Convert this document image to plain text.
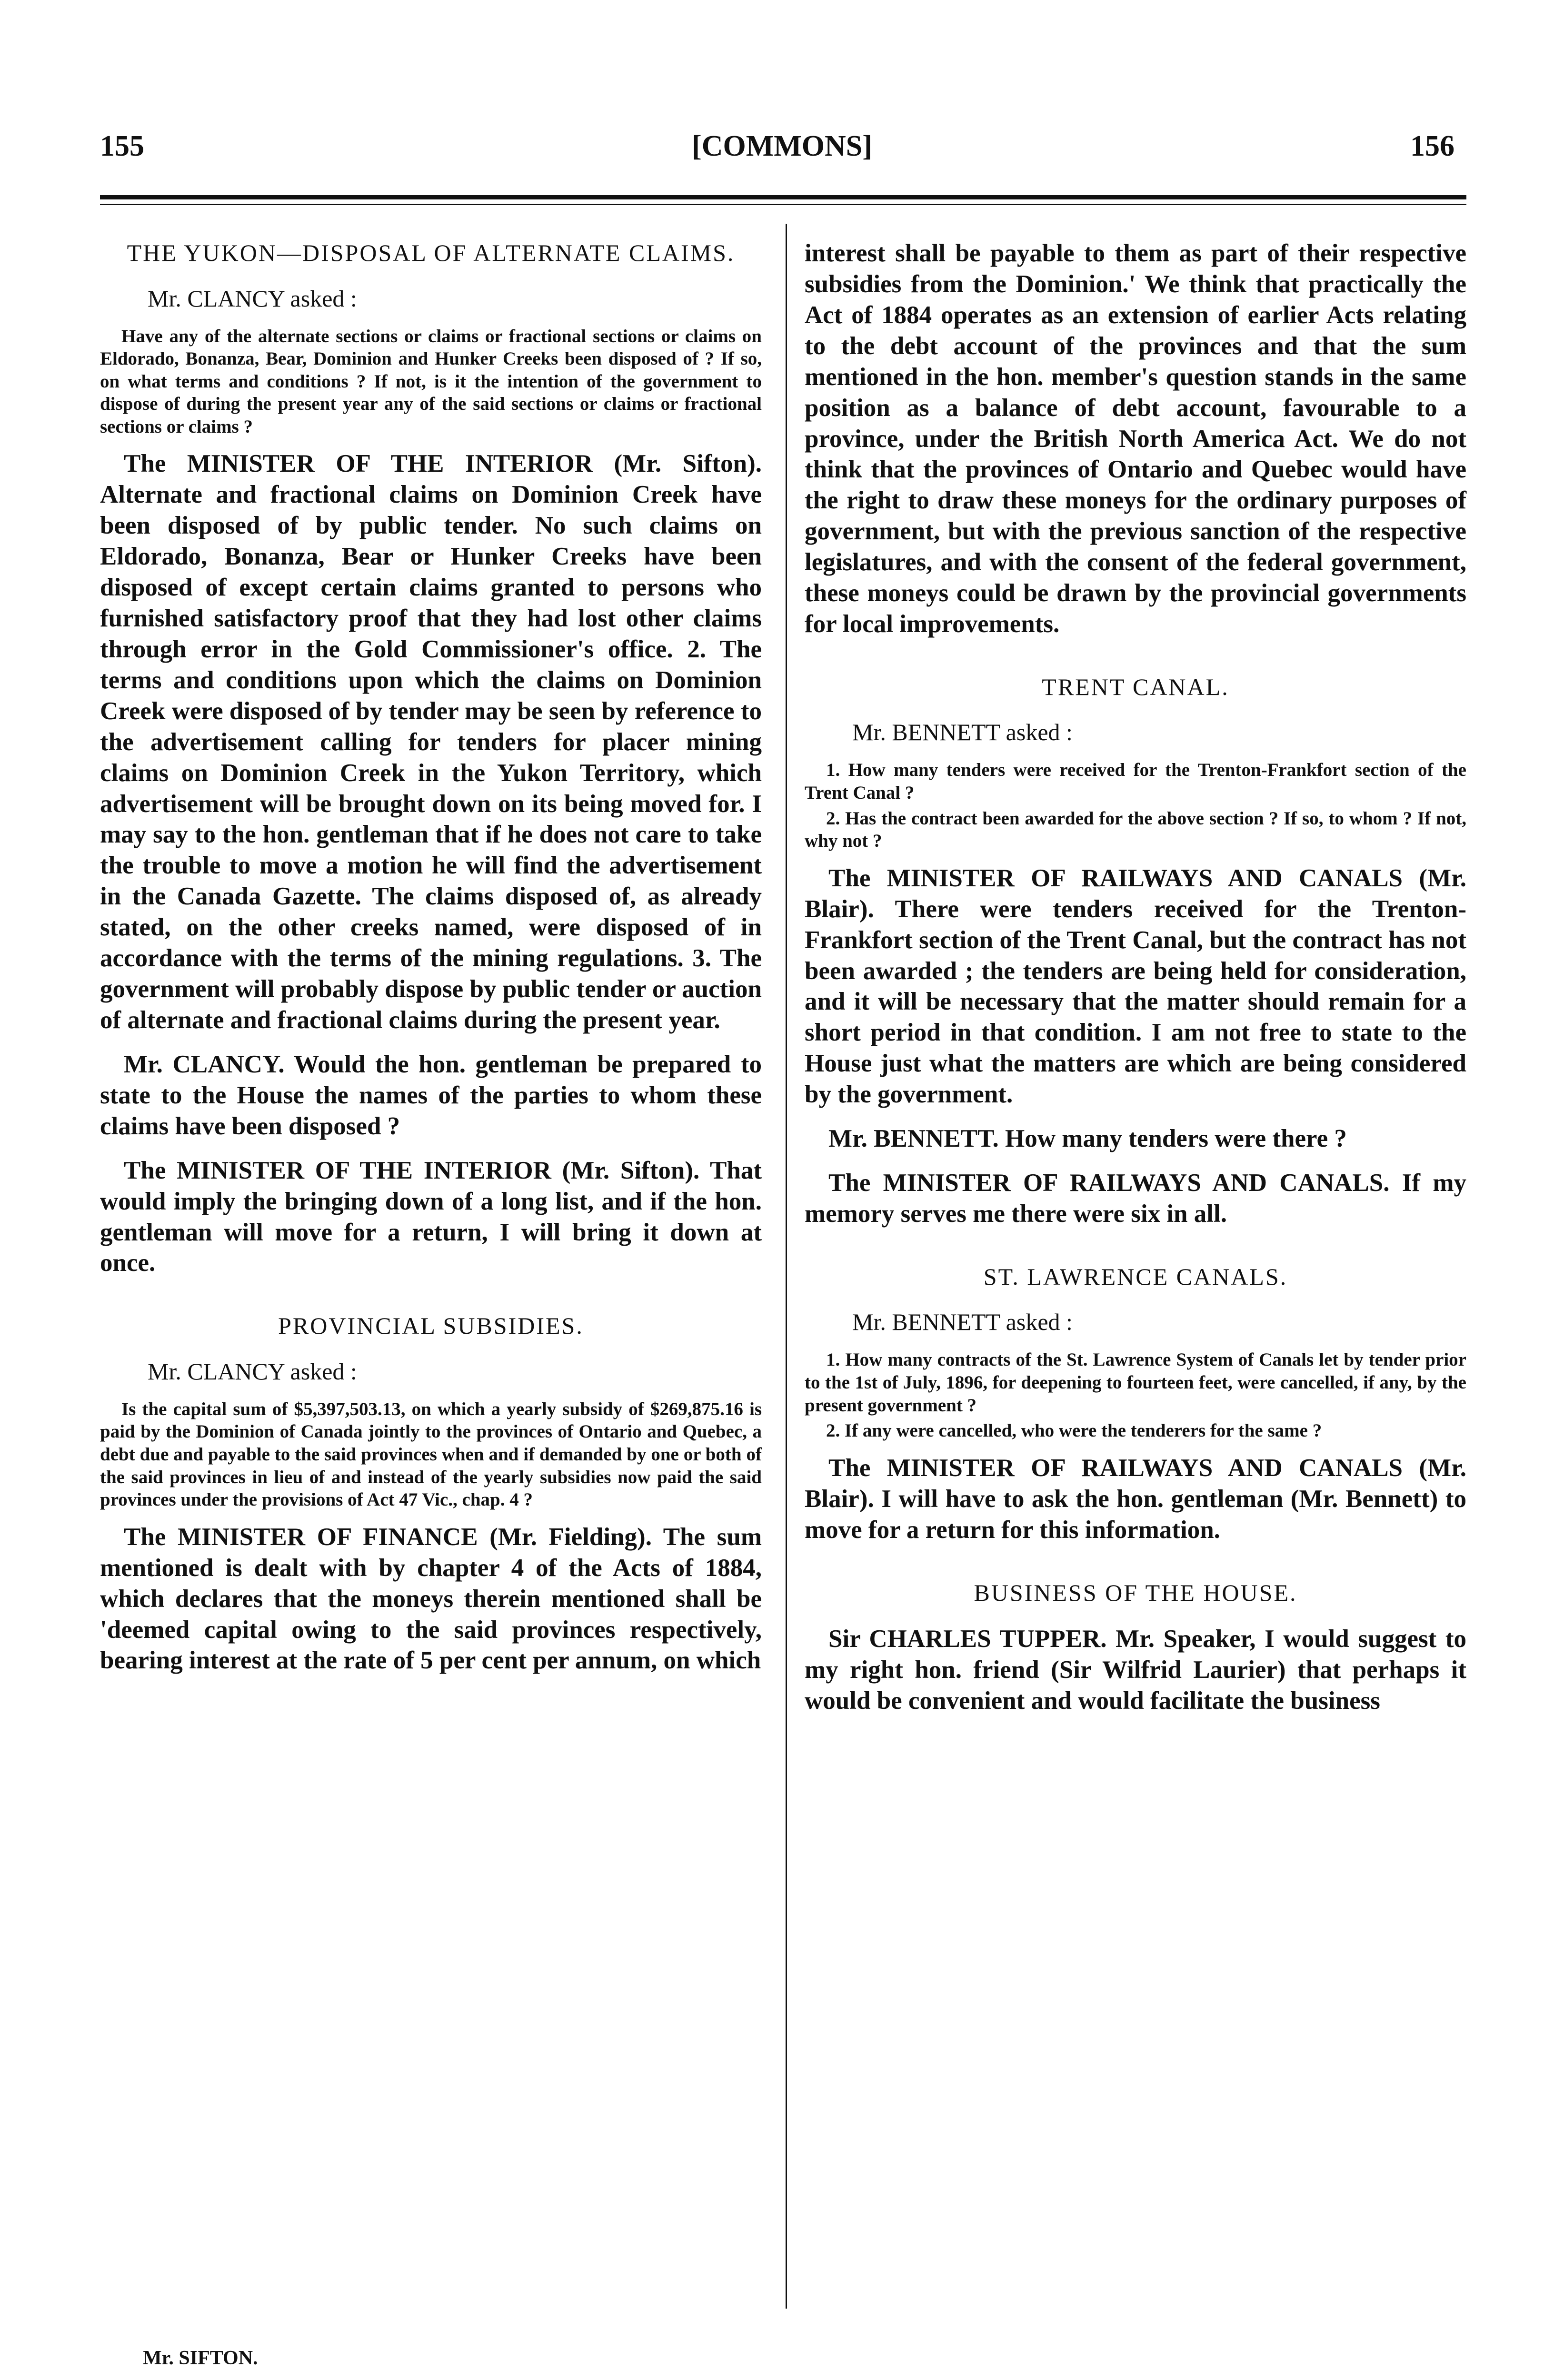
155	[COMMONS]	156
THE YUKON—DISPOSAL OF ALTERNATE CLAIMS.
Mr. CLANCY asked :
Have any of the alternate sections or claims or fractional sections or claims on Eldorado, Bonanza, Bear, Dominion and Hunker Creeks been disposed of ? If so, on what terms and conditions ? If not, is it the intention of the government to dispose of during the present year any of the said sections or claims or fractional sections or claims ?
The MINISTER OF THE INTERIOR (Mr. Sifton). Alternate and fractional claims on Dominion Creek have been disposed of by public tender. No such claims on Eldorado, Bonanza, Bear or Hunker Creeks have been disposed of except certain claims granted to persons who furnished satisfactory proof that they had lost other claims through error in the Gold Commissioner's office. 2. The terms and conditions upon which the claims on Dominion Creek were disposed of by tender may be seen by reference to the advertisement calling for tenders for placer mining claims on Dominion Creek in the Yukon Territory, which advertisement will be brought down on its being moved for. I may say to the hon. gentleman that if he does not care to take the trouble to move a motion he will find the advertisement in the Canada Gazette. The claims disposed of, as already stated, on the other creeks named, were disposed of in accordance with the terms of the mining regulations. 3. The government will probably dispose by public tender or auction of alternate and fractional claims during the present year.
Mr. CLANCY. Would the hon. gentleman be prepared to state to the House the names of the parties to whom these claims have been disposed ?
The MINISTER OF THE INTERIOR (Mr. Sifton). That would imply the bringing down of a long list, and if the hon. gentleman will move for a return, I will bring it down at once.
PROVINCIAL SUBSIDIES.
Mr. CLANCY asked :
Is the capital sum of $5,397,503.13, on which a yearly subsidy of $269,875.16 is paid by the Dominion of Canada jointly to the provinces of Ontario and Quebec, a debt due and payable to the said provinces when and if demanded by one or both of the said provinces in lieu of and instead of the yearly subsidies now paid the said provinces under the provisions of Act 47 Vic., chap. 4 ?
The MINISTER OF FINANCE (Mr. Fielding). The sum mentioned is dealt with by chapter 4 of the Acts of 1884, which declares that the moneys therein mentioned shall be 'deemed capital owing to the said provinces respectively, bearing interest at the rate of 5 per cent per annum, on which
interest shall be payable to them as part of their respective subsidies from the Dominion.' We think that practically the Act of 1884 operates as an extension of earlier Acts relating to the debt account of the provinces and that the sum mentioned in the hon. member's question stands in the same position as a balance of debt account, favourable to a province, under the British North America Act. We do not think that the provinces of Ontario and Quebec would have the right to draw these moneys for the ordinary purposes of government, but with the previous sanction of the respective legislatures, and with the consent of the federal government, these moneys could be drawn by the provincial governments for local improvements.
TRENT CANAL.
Mr. BENNETT asked :
1. How many tenders were received for the Trenton-Frankfort section of the Trent Canal ?
2. Has the contract been awarded for the above section ? If so, to whom ? If not, why not ?
The MINISTER OF RAILWAYS AND CANALS (Mr. Blair). There were tenders received for the Trenton-Frankfort section of the Trent Canal, but the contract has not been awarded ; the tenders are being held for consideration, and it will be necessary that the matter should remain for a short period in that condition. I am not free to state to the House just what the matters are which are being considered by the government.
Mr. BENNETT. How many tenders were there ?
The MINISTER OF RAILWAYS AND CANALS. If my memory serves me there were six in all.
ST. LAWRENCE CANALS.
Mr. BENNETT asked :
1. How many contracts of the St. Lawrence System of Canals let by tender prior to the 1st of July, 1896, for deepening to fourteen feet, were cancelled, if any, by the present government ?
2. If any were cancelled, who were the tenderers for the same ?
The MINISTER OF RAILWAYS AND CANALS (Mr. Blair). I will have to ask the hon. gentleman (Mr. Bennett) to move for a return for this information.
BUSINESS OF THE HOUSE.
Sir CHARLES TUPPER. Mr. Speaker, I would suggest to my right hon. friend (Sir Wilfrid Laurier) that perhaps it would be convenient and would facilitate the business
Mr. SIFTON.
